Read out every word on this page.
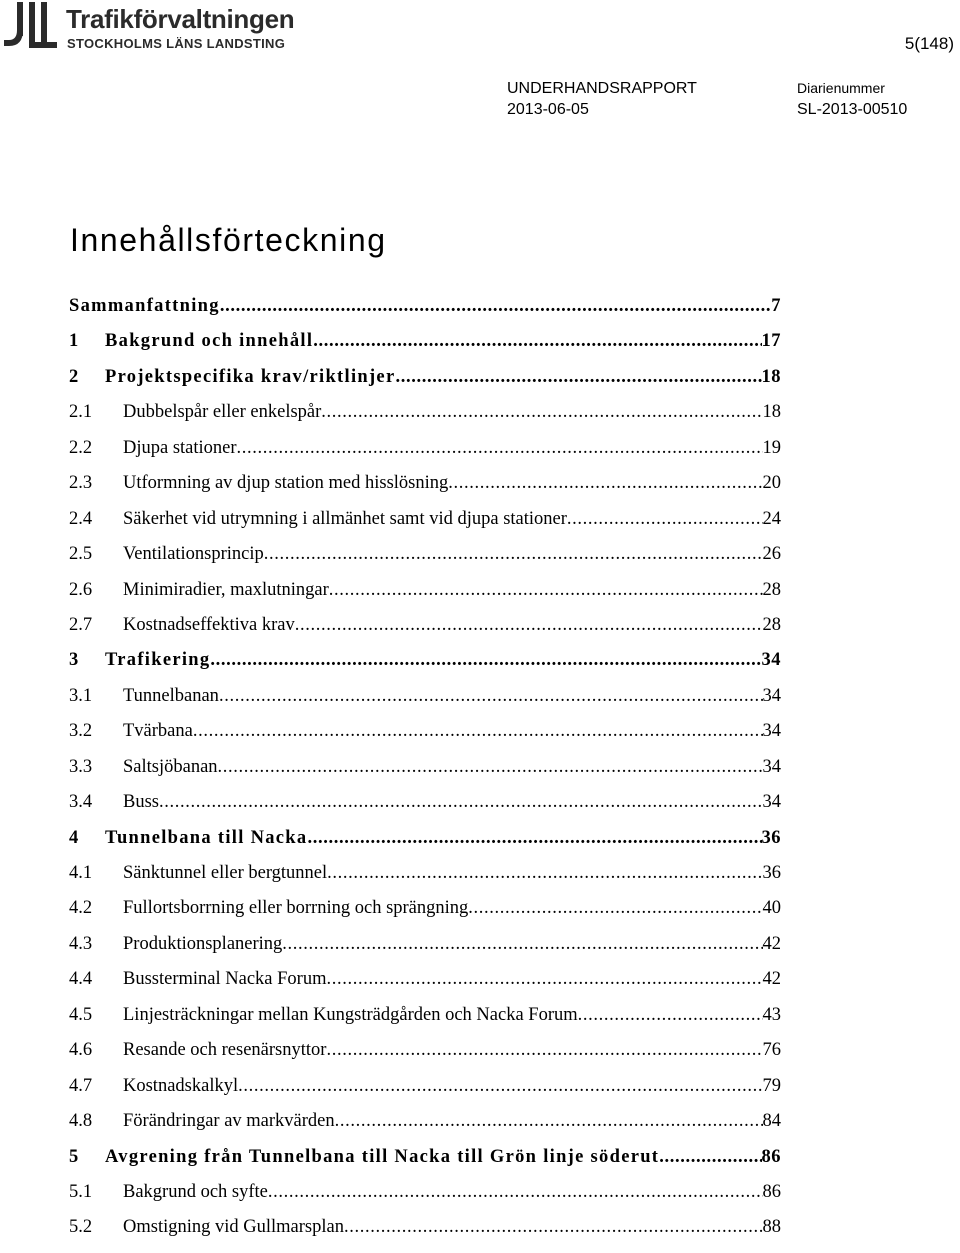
Trafikförvaltningen
STOCKHOLMS LÄNS LANDSTING	5(148)
UNDERHANDSRAPPORT
2013-06-05
Diarienummer
SL-2013-00510
Innehållsförteckning
Sammanfattning . . .	7
1	Bakgrund och innehåll . . .	17
2	Projektspecifika krav/riktlinjer . . .	18
2.1	Dubbelspår eller enkelspår . . .	18
2.2	Djupa stationer . . .	19
2.3	Utformning av djup station med hisslösning . . .	20
2.4	Säkerhet vid utrymning i allmänhet samt vid djupa stationer . . .	24
2.5	Ventilationsprincip . . .	26
2.6	Minimiradier, maxlutningar . . .	28
2.7	Kostnadseffektiva krav . . .	28
3	Trafikering . . .	34
3.1	Tunnelbanan . . .	34
3.2	Tvärbana . . .	34
3.3	Saltsjöbanan . . .	34
3.4	Buss . . .	34
4	Tunnelbana till Nacka . . .	36
4.1	Sänktunnel eller bergtunnel . . .	36
4.2	Fullortsborrning eller borrning och sprängning . . .	40
4.3	Produktionsplanering . . .	42
4.4	Bussterminal Nacka Forum . . .	42
4.5	Linjesträckningar mellan Kungsträdgården och Nacka Forum . . .	43
4.6	Resande och resenärsnyttor . . .	76
4.7	Kostnadskalkyl . . .	79
4.8	Förändringar av markvärden . . .	84
5	Avgrening från Tunnelbana till Nacka till Grön linje söderut . . .	86
5.1	Bakgrund och syfte . . .	86
5.2	Omstigning vid Gullmarsplan . . .	88
